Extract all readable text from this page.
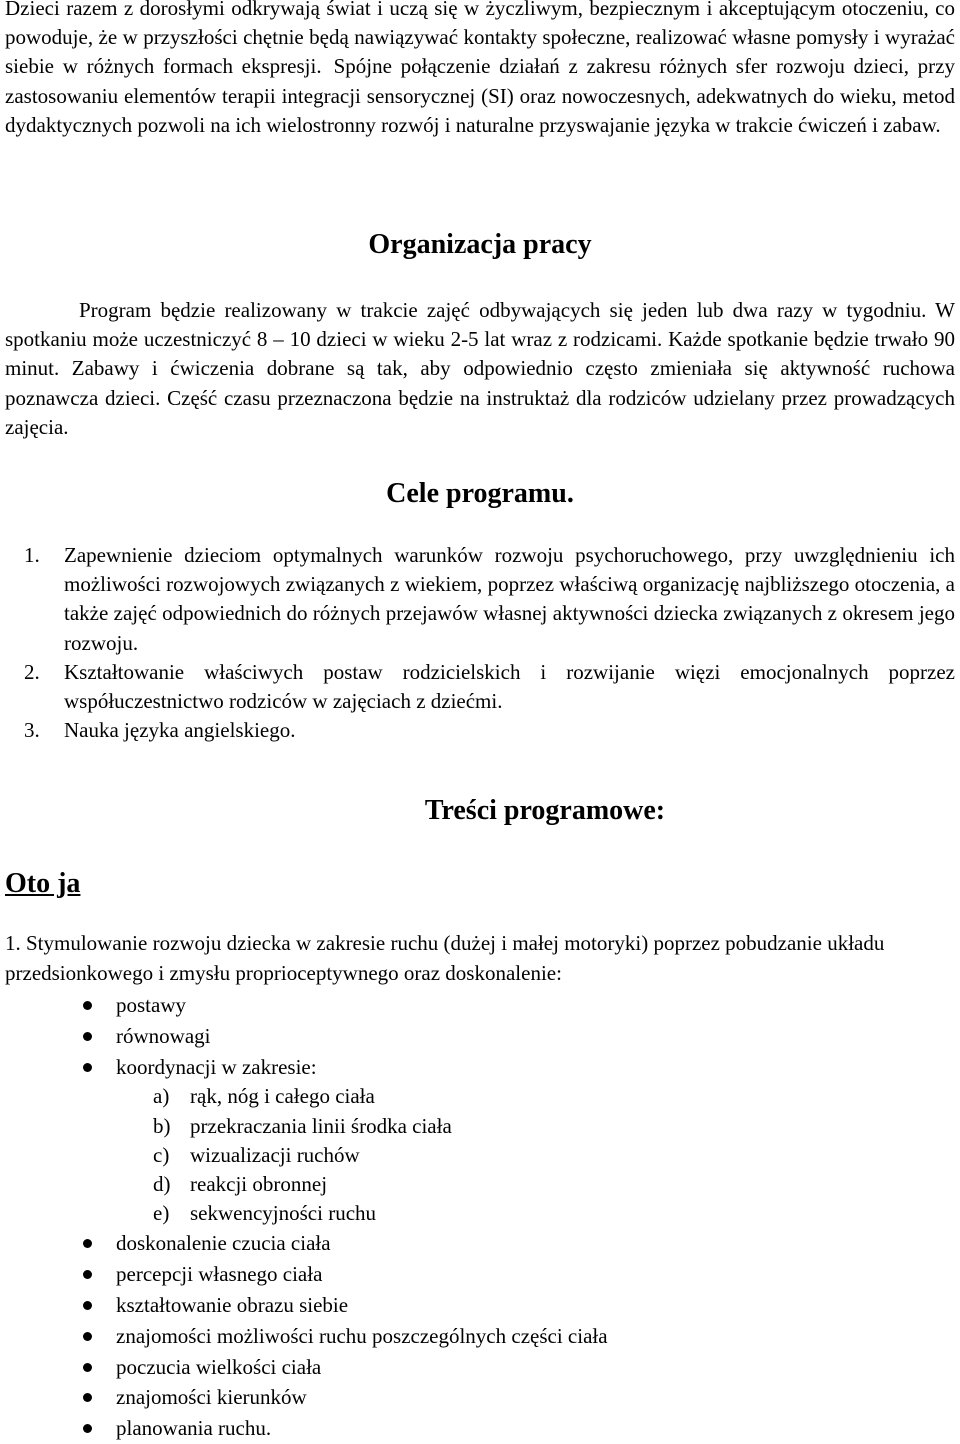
Dzieci razem z dorosłymi odkrywają świat i uczą się w życzliwym, bezpiecznym i akceptującym otoczeniu, co powoduje, że w przyszłości chętnie będą nawiązywać kontakty społeczne, realizować własne pomysły i wyrażać siebie w różnych formach ekspresji. Spójne połączenie działań z zakresu różnych sfer rozwoju dzieci, przy zastosowaniu elementów terapii integracji sensorycznej (SI) oraz nowoczesnych, adekwatnych do wieku, metod dydaktycznych pozwoli na ich wielostronny rozwój i naturalne przyswajanie języka w trakcie ćwiczeń i zabaw.

Organizacja pracy

Program będzie realizowany w trakcie zajęć odbywających się jeden lub dwa razy w tygodniu. W spotkaniu może uczestniczyć 8 – 10 dzieci w wieku 2-5 lat wraz z rodzicami. Każde spotkanie będzie trwało 90 minut. Zabawy i ćwiczenia dobrane są tak, aby odpowiednio często zmieniała się aktywność ruchowa poznawcza dzieci. Część czasu przeznaczona będzie na instruktaż dla rodziców udzielany przez prowadzących zajęcia.

Cele programu.
1. Zapewnienie dzieciom optymalnych warunków rozwoju psychoruchowego, przy uwzględnieniu ich możliwości rozwojowych związanych z wiekiem, poprzez właściwą organizację najbliższego otoczenia, a także zajęć odpowiednich do różnych przejawów własnej aktywności dziecka związanych z okresem jego rozwoju.
2. Kształtowanie właściwych postaw rodzicielskich i rozwijanie więzi emocjonalnych poprzez współuczestnictwo rodziców w zajęciach z dziećmi.
3. Nauka języka angielskiego.
Treści programowe:
Oto ja

1. Stymulowanie rozwoju dziecka w zakresie ruchu (dużej i małej motoryki) poprzez pobudzanie układu przedsionkowego i zmysłu proprioceptywnego oraz doskonalenie:

postawy
równowagi
koordynacji w zakresie:
a) rąk, nóg i całego ciała
b) przekraczania linii środka ciała
c) wizualizacji ruchów
d) reakcji obronnej
e) sekwencyjności ruchu
doskonalenie czucia ciała
percepcji własnego ciała
kształtowanie obrazu siebie
znajomości możliwości ruchu poszczególnych części ciała
poczucia wielkości ciała
znajomości kierunków
planowania ruchu.
